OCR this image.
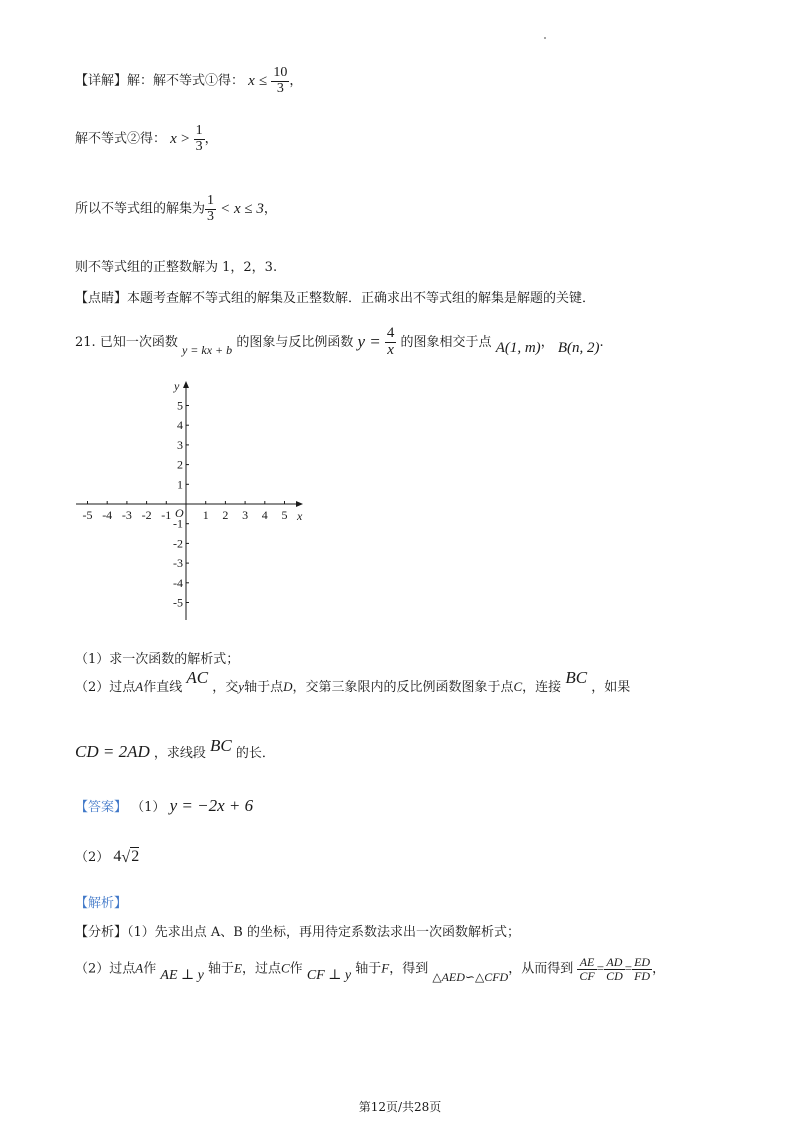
【详解】解：解不等式①得： $x \le \frac{10}{3}$ ，
解不等式②得： $x > \frac{1}{3}$ ，
所以不等式组的解集为 $\frac{1}{3} < x \le 3$，
则不等式组的正整数解为 1，2，3.
【点睛】本题考查解不等式组的解集及正整数解．正确求出不等式组的解集是解题的关键．
21. 已知一次函数 y = kx + b 的图象与反比例函数 $y = \frac{4}{x}$ 的图象相交于点 A(1, m)， B(n, 2).
x
y
O
-5 -4 -3 -2 -1	1 2 3 4 5
5
4
3
2
1
-1
-2
-3
-4
-5
（1）求一次函数的解析式；
（2）过点A作直线 AC ，交y轴于点D，交第三象限内的反比例函数图象于点C，连接 BC ，如果
CD = 2AD ，求线段 BC 的长．
【答案】 （1） y = −2x + 6
（2） 4√2
【解析】
【分析】（1）先求出点 A、B 的坐标，再用待定系数法求出一次函数解析式；
（2）过点A作 AE ⊥ y 轴于E，过点C作 CF ⊥ y 轴于F，得到 △AED∽△CFD，从而得到 $\frac{AE}{CF} = \frac{AD}{CD} = \frac{ED}{FD}$ ，
第12页/共28页
